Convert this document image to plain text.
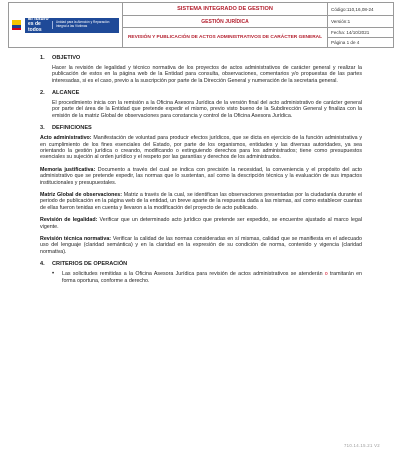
El futuro es de todos
Unidad para la Atención y Reparación Integral a las Víctimas	SISTEMA INTEGRADO DE GESTION	Código:110,16,08-24
	GESTIÓN JURÍDICA	Versión:1
	REVISIÓN Y PUBLICACIÓN DE ACTOS ADMINISTRATIVOS DE CARÁCTER GENERAL	Fecha: 14/10/2021
		Página 1 de 4
1.	OBJETIVO

Hacer la revisión de legalidad y técnico normativa de los proyectos de actos administrativos de carácter general y realizar la publicación de estos en la página web de la Entidad para consulta, observaciones, comentarios y/o propuestas de las partes interesadas, si es el caso, previo a la suscripción por parte de la Dirección General y numeración de la secretaria general.

2.	ALCANCE

El procedimiento inicia con la remisión a la Oficina Asesora Jurídica de la versión final del acto administrativo de carácter general por parte del área de la Entidad que pretende expedir el mismo, previo visto bueno de la Subdirección General y finaliza con la emisión de la matriz Global de observaciones para constancia y control de la Oficina Asesora Jurídica.

3.	DEFINICIONES

Acto administrativo: Manifestación de voluntad para producir efectos jurídicos, que se dicta en ejercicio de la función administrativa y en cumplimiento de los fines esenciales del Estado, por parte de los organismos, entidades y las diversas autoridades, ya sea orientando la gestión jurídica o creando, modificando o extinguiendo derechos para los administrados; tiene como presupuestos esenciales su sujeción al orden jurídico y el respeto por las garantías y derechos de los administrados.

Memoria justificativa: Documento a través del cual se indica con precisión la necesidad, la conveniencia y el propósito del acto administrativo que se pretende expedir, las normas que lo sustentan, así como la descripción técnica y la evaluación de sus impactos institucionales y presupuestales.

Matriz Global de observaciones: Matriz a través de la cual, se identifican las observaciones presentadas por la ciudadanía durante el periodo de publicación en la página web de la entidad, un breve aparte de la respuesta dada a las mismas, así como establecer cuantas de ellas fueron tenidas en cuenta y llevaron a la modificación del proyecto de acto publicado.

Revisión de legalidad: Verificar que un determinado acto jurídico que pretende ser expedido, se encuentre ajustado al marco legal vigente.

Revisión técnica normativa: Verificar la calidad de las normas consideradas en sí mismas, calidad que se manifiesta en el adecuado uso del lenguaje (claridad semántica) y en la claridad en la expresión de su condición de norma, contenido y vigencia (claridad normativa).

4.	CRITERIOS DE OPERACIÓN
•	Las solicitudes remitidas a la Oficina Asesora Jurídica para revisión de actos administrativos se atenderán o tramitarán en forma oportuna, conforme a derecho.
710.14.15.21 V2
